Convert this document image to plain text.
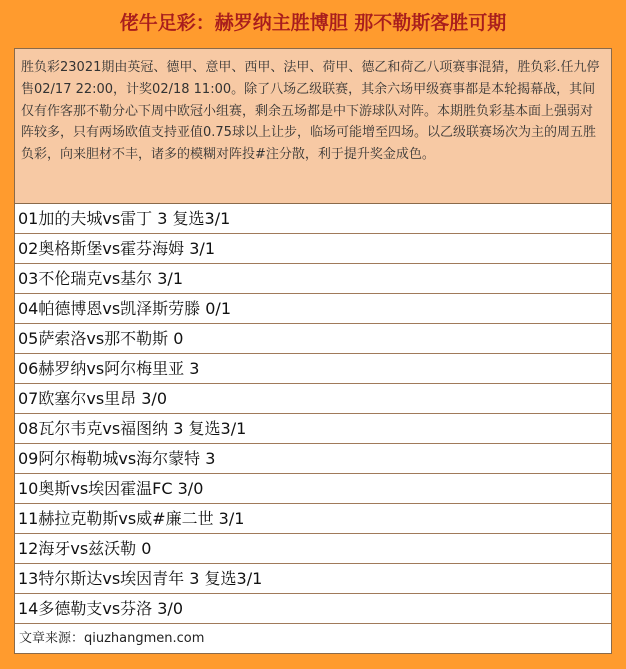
佬牛足彩：赫罗纳主胜博胆 那不勒斯客胜可期
胜负彩23021期由英冠、德甲、意甲、西甲、法甲、荷甲、德乙和荷乙八项赛事混猜，胜负彩.任九停售02/17 22:00，计奖02/18 11:00。除了八场乙级联赛，其余六场甲级赛事都是本轮揭幕战，其间仅有作客那不勒分心下周中欧冠小组赛，剩余五场都是中下游球队对阵。本期胜负彩基本面上强弱对阵较多，只有两场欧值支持亚值0.75球以上让步，临场可能增至四场。以乙级联赛场次为主的周五胜负彩，向来胆材不丰，诸多的模糊对阵投#注分散，利于提升奖金成色。
01加的夫城vs雷丁 3 复选3/1
02奥格斯堡vs霍芬海姆 3/1
03不伦瑞克vs基尔 3/1
04帕德博恩vs凯泽斯劳滕 0/1
05萨索洛vs那不勒斯 0
06赫罗纳vs阿尔梅里亚 3
07欧塞尔vs里昂 3/0
08瓦尔韦克vs福图纳 3 复选3/1
09阿尔梅勒城vs海尔蒙特 3
10奥斯vs埃因霍温FC 3/0
11赫拉克勒斯vs威#廉二世 3/1
12海牙vs兹沃勒 0
13特尔斯达vs埃因青年 3 复选3/1
14多德勒支vs芬洛 3/0
文章来源：qiuzhangmen.com
